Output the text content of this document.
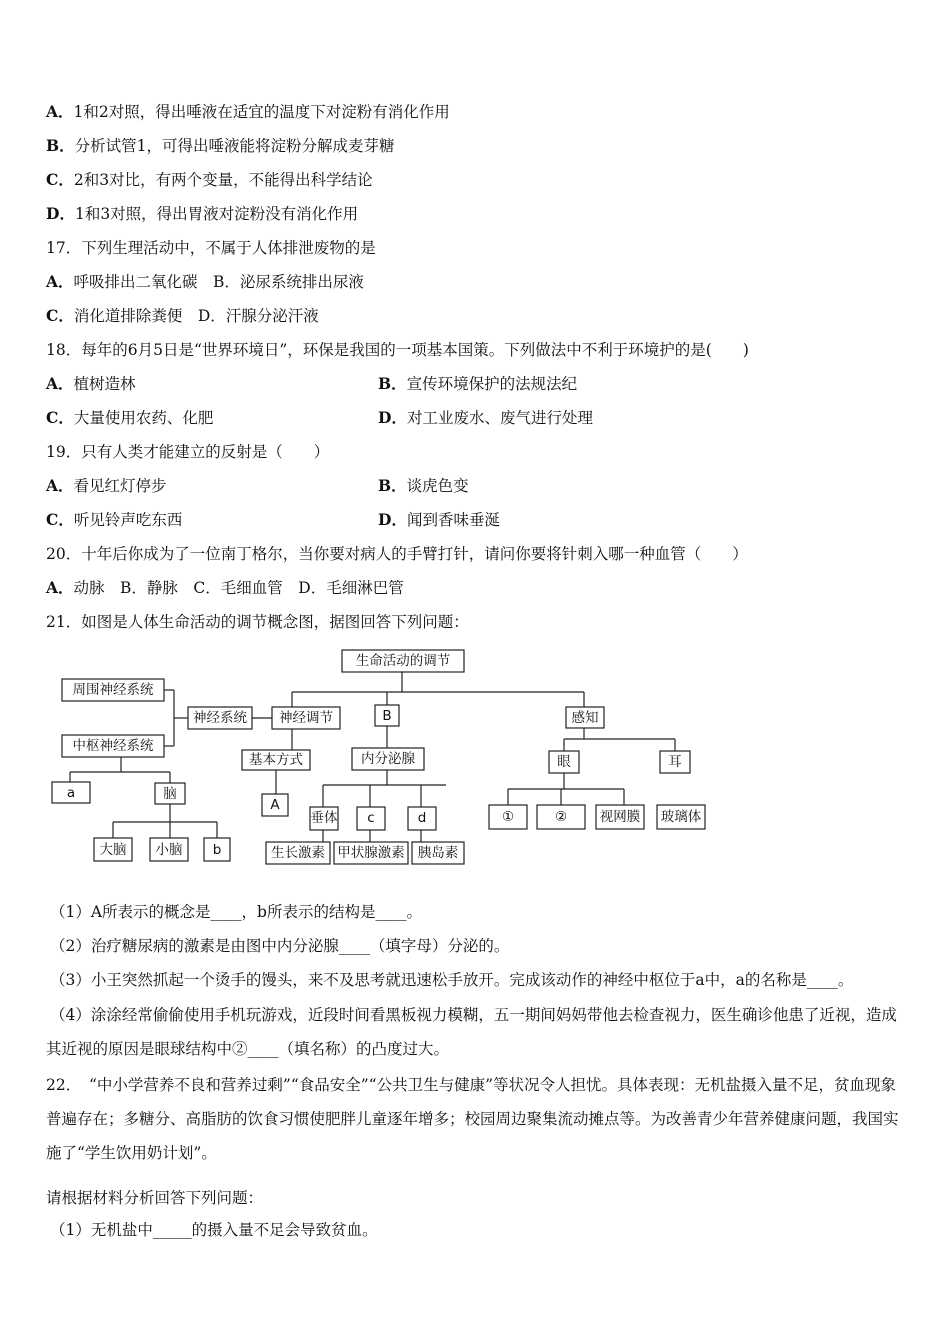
A．1和2对照，得出唾液在适宜的温度下对淀粉有消化作用
B．分析试管1，可得出唾液能将淀粉分解成麦芽糖
C．2和3对比，有两个变量，不能得出科学结论
D．1和3对照，得出胃液对淀粉没有消化作用
17．下列生理活动中，不属于人体排泄废物的是
A．呼吸排出二氧化碳　B．泌尿系统排出尿液
C．消化道排除粪便　D．汗腺分泌汗液
18．每年的6月5日是“世界环境日”，环保是我国的一项基本国策。下列做法中不利于环境护的是(　　)
A．植树造林	B．宣传环境保护的法规法纪
C．大量使用农药、化肥	D．对工业废水、废气进行处理
19．只有人类才能建立的反射是（　　）
A．看见红灯停步	B．谈虎色变
C．听见铃声吃东西	D．闻到香味垂涎
20．十年后你成为了一位南丁格尔，当你要对病人的手臂打针，请问你要将针刺入哪一种血管（　　）
A．动脉　B．静脉　C．毛细血管　D．毛细淋巴管
21．如图是人体生命活动的调节概念图，据图回答下列问题：
生命活动的调节
周围神经系统
中枢神经系统
神经系统 神经调节	B	感知
基本方式	内分泌腺	眼	耳
a	脑
A
垂体 c	d	①	② 视网膜 玻璃体
大脑 小脑 b	生长激素 甲状腺激素 胰岛素
（1）A所表示的概念是____，b所表示的结构是____。
（2）治疗糖尿病的激素是由图中内分泌腺____（填字母）分泌的。
（3）小王突然抓起一个烫手的馒头，来不及思考就迅速松手放开。完成该动作的神经中枢位于a中，a的名称是____。
（4）涂涂经常偷偷使用手机玩游戏，近段时间看黑板视力模糊，五一期间妈妈带他去检查视力，医生确诊他患了近视，造成其近视的原因是眼球结构中②____（填名称）的凸度过大。
22．　“中小学营养不良和营养过剩”“食品安全”“公共卫生与健康”等状况令人担忧。具体表现：无机盐摄入量不足，贫血现象普遍存在；多糖分、高脂肪的饮食习惯使肥胖儿童逐年增多；校园周边聚集流动摊点等。为改善青少年营养健康问题，我国实施了“学生饮用奶计划”。
请根据材料分析回答下列问题：
（1）无机盐中_____的摄入量不足会导致贫血。
